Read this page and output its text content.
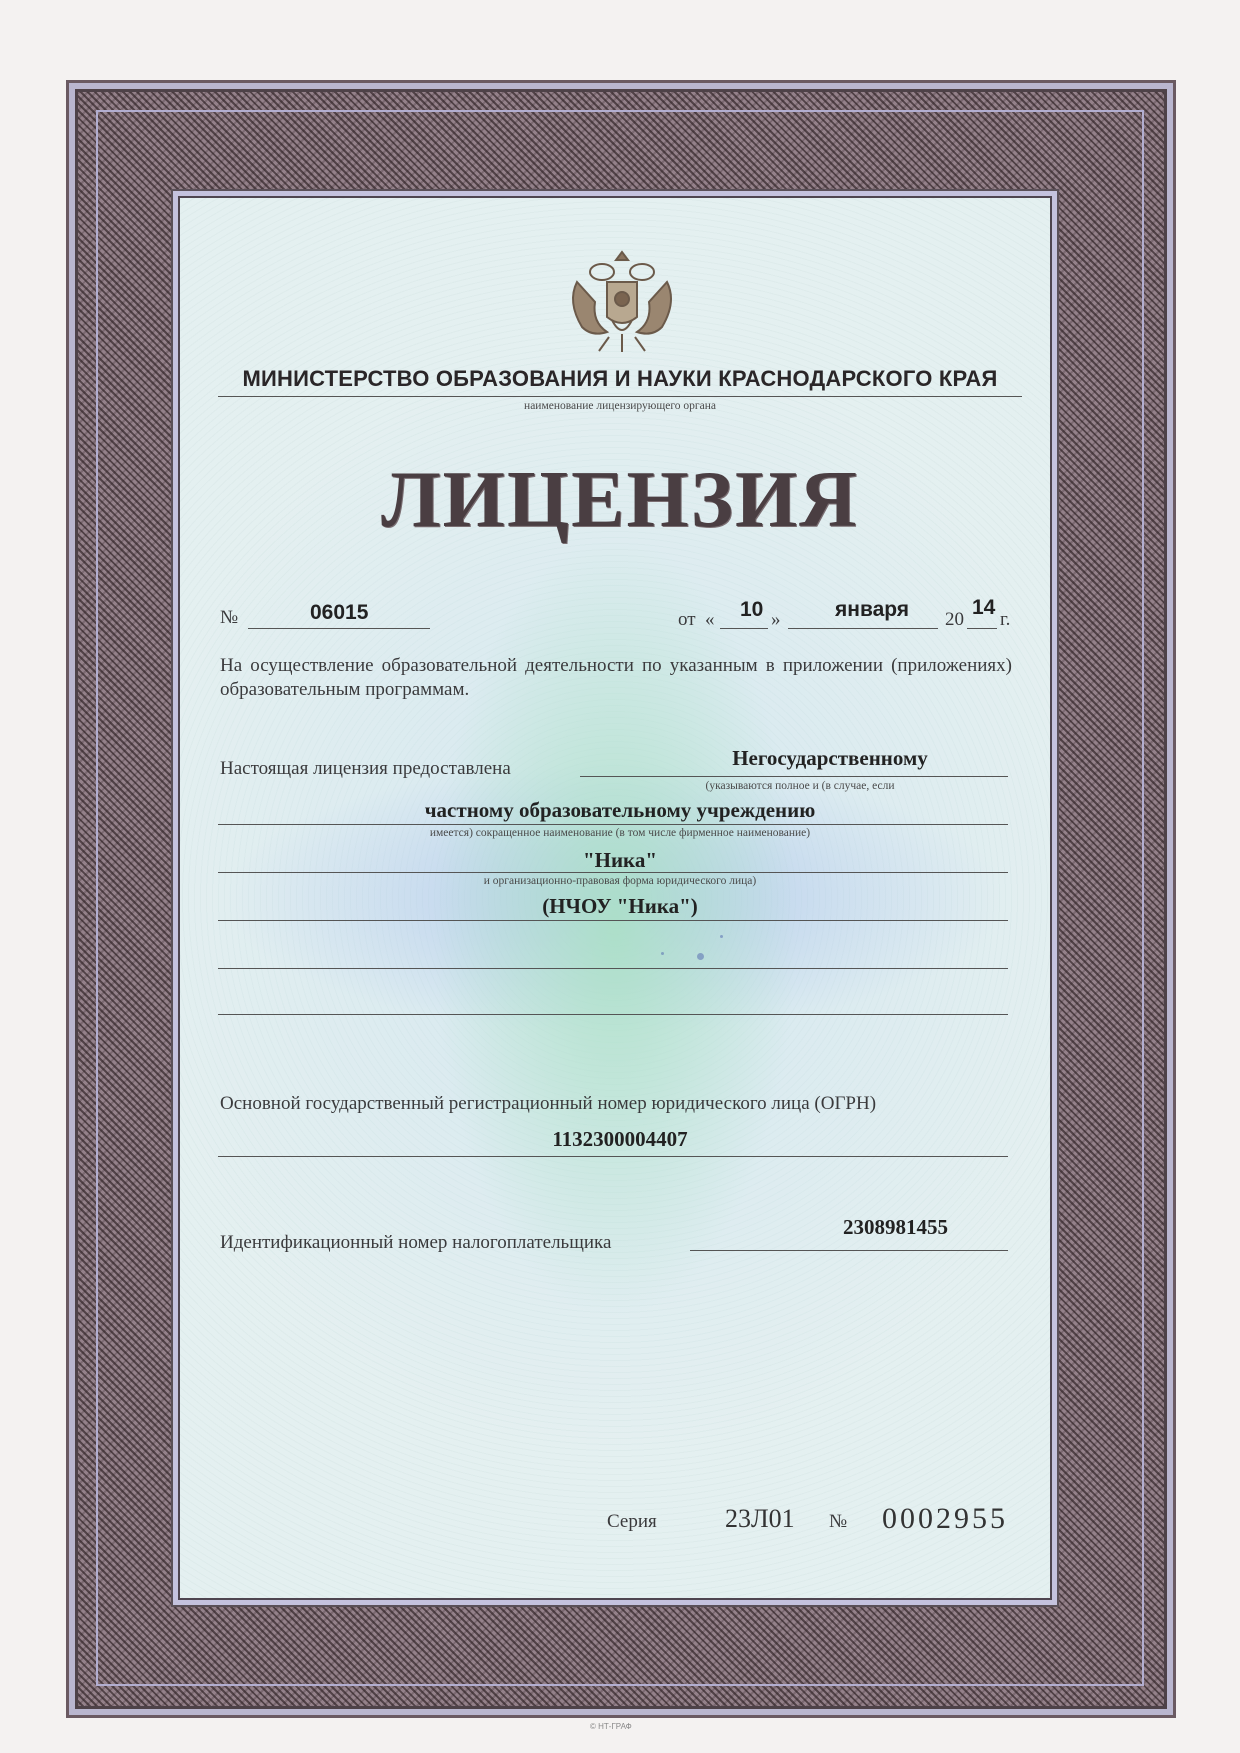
МИНИСТЕРСТВО ОБРАЗОВАНИЯ И НАУКИ КРАСНОДАРСКОГО КРАЯ
наименование лицензирующего органа
ЛИЦЕНЗИЯ
№	06015	от « 10 »	января 20
14
г.
На осуществление образовательной деятельности по указанным в приложении (приложениях) образовательным программам.
Настоящая лицензия предоставлена	Негосударственному
(указываются полное и (в случае, если
частному образовательному учреждению
имеется) сокращенное наименование (в том числе фирменное наименование)
"Ника"
и организационно-правовая форма юридического лица)
(НЧОУ "Ника")
Основной государственный регистрационный номер юридического лица (ОГРН)
1132300004407
Идентификационный номер налогоплательщика
2308981455
Серия	23Л01 № 0002955
© НТ-ГРАФ
